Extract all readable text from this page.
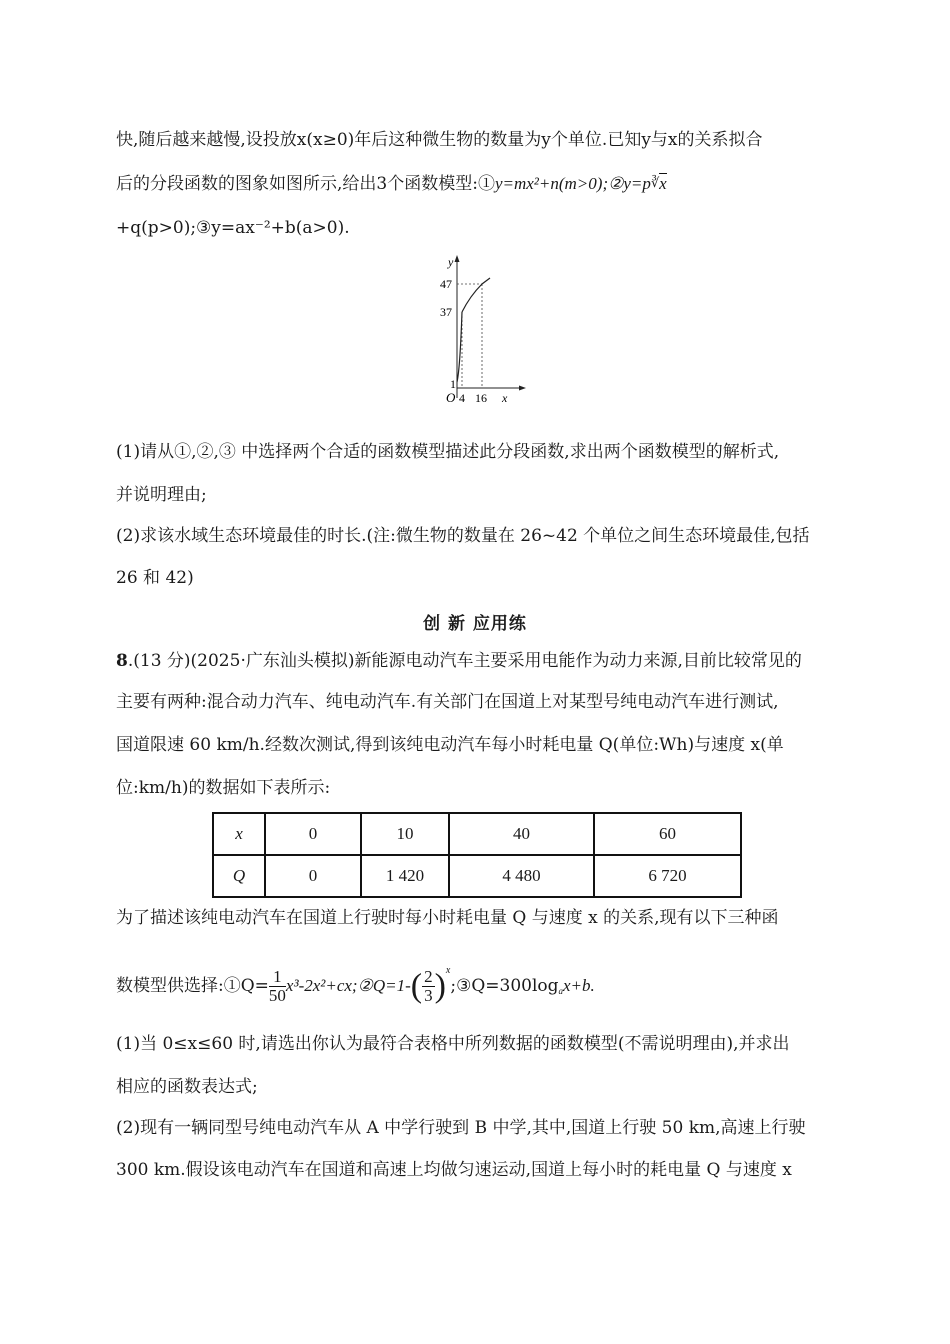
快,随后越来越慢,设投放x(x≥0)年后这种微生物的数量为y个单位.已知y与x的关系拟合
后的分段函数的图象如图所示,给出3个函数模型:①y=mx²+n(m>0);②y=p∛x
+q(p>0);③y=ax⁻²+b(a>0).
y
47
37
1
O 4 16 x
(1)请从①,②,③ 中选择两个合适的函数模型描述此分段函数,求出两个函数模型的解析式,
并说明理由;
(2)求该水域生态环境最佳的时长.(注:微生物的数量在 26~42 个单位之间生态环境最佳,包括
26 和 42)
创 新 应用练
8.(13 分)(2025·广东汕头模拟)新能源电动汽车主要采用电能作为动力来源,目前比较常见的
主要有两种:混合动力汽车、纯电动汽车.有关部门在国道上对某型号纯电动汽车进行测试,
国道限速 60 km/h.经数次测试,得到该纯电动汽车每小时耗电量 Q(单位:Wh)与速度 x(单
位:km/h)的数据如下表所示:
x	0	10	40	60
Q	0	1 420	4 480	6 720
为了描述该纯电动汽车在国道上行驶时每小时耗电量 Q 与速度 x 的关系,现有以下三种函
数模型供选择:①Q= $\frac{1}{50}$ x³-2x²+cx;②Q=1-( $\frac{2}{3}$ )$^x;③Q=300\log_ax+b$.
(1)当 0≤x≤60 时,请选出你认为最符合表格中所列数据的函数模型(不需说明理由),并求出
相应的函数表达式;
(2)现有一辆同型号纯电动汽车从 A 中学行驶到 B 中学,其中,国道上行驶 50 km,高速上行驶
300 km.假设该电动汽车在国道和高速上均做匀速运动,国道上每小时的耗电量 Q 与速度 x
